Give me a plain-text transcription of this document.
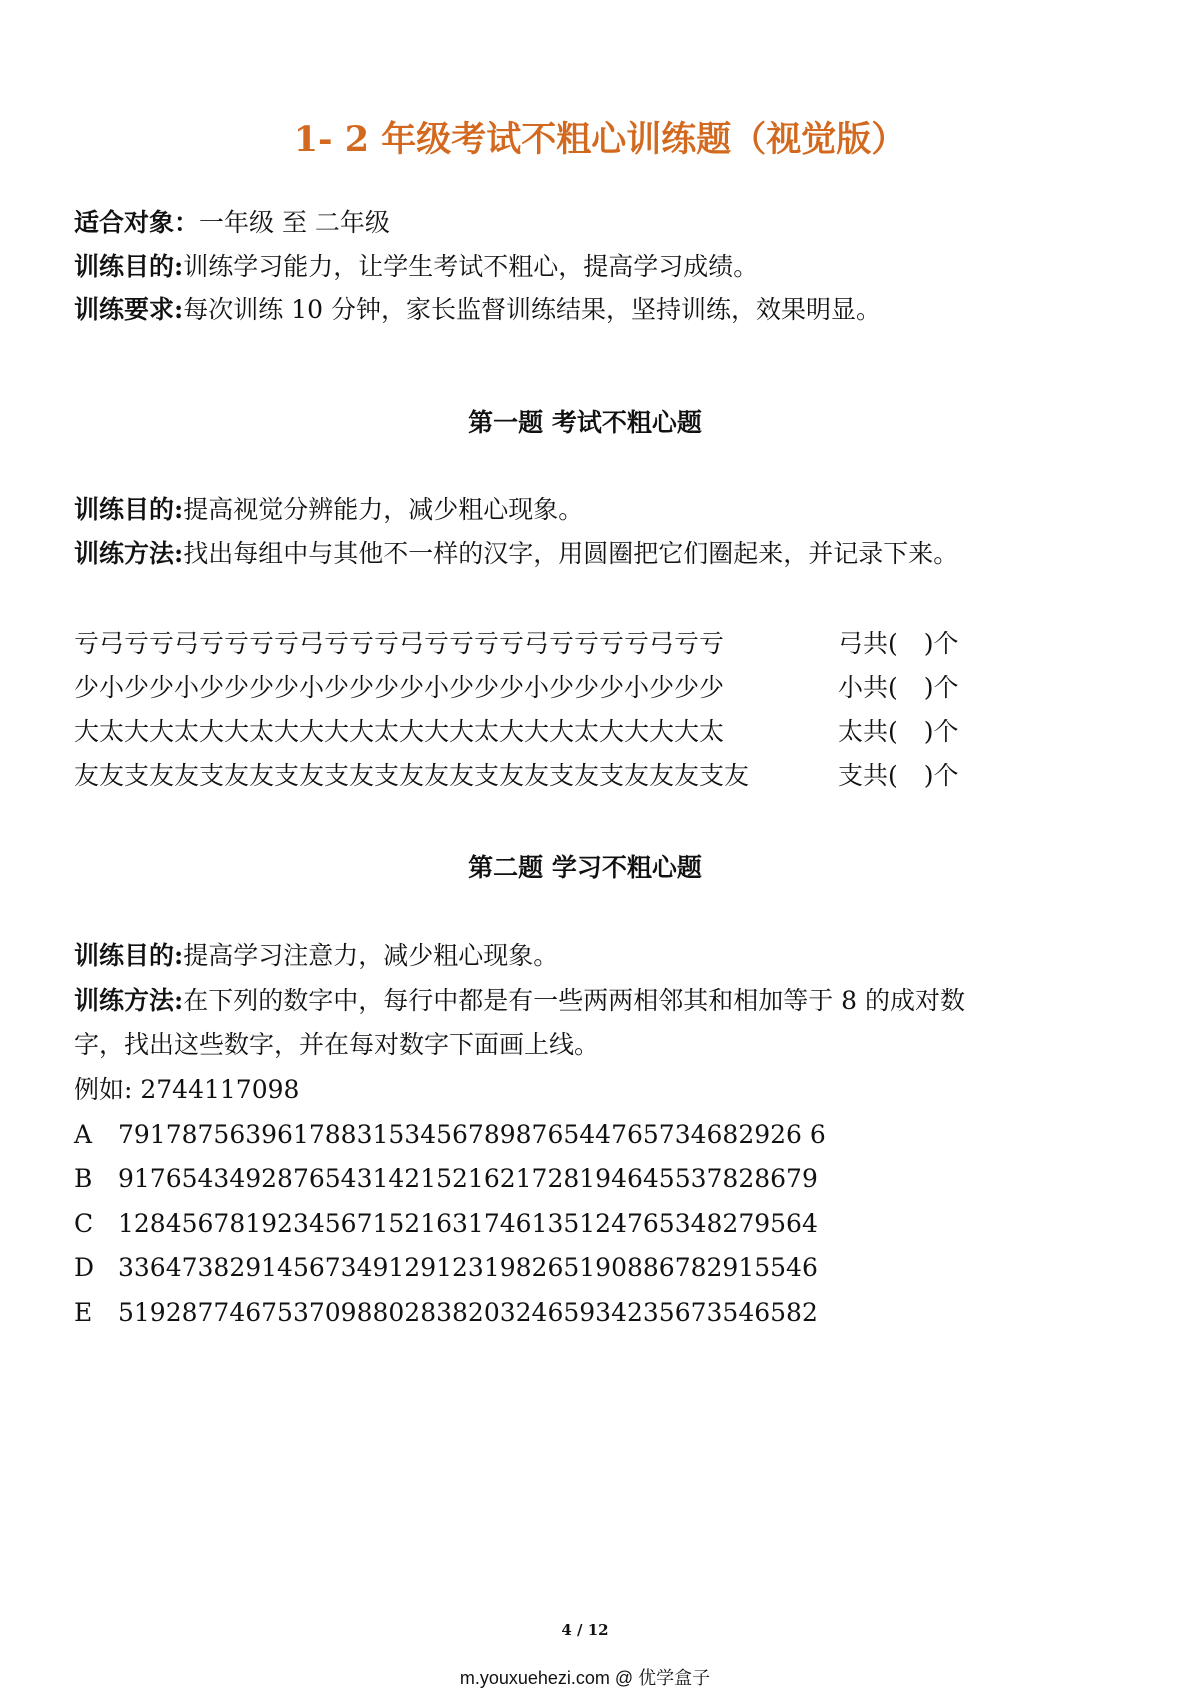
1- 2 年级考试不粗心训练题（视觉版）
适合对象：一年级 至 二年级
训练目的:训练学习能力，让学生考试不粗心，提高学习成绩。
训练要求:每次训练 10 分钟，家长监督训练结果，坚持训练，效果明显。
第一题 考试不粗心题
训练目的:提高视觉分辨能力，减少粗心现象。
训练方法:找出每组中与其他不一样的汉字，用圆圈把它们圈起来，并记录下来。
亏弓亏亏弓亏亏亏亏弓亏亏亏弓亏亏亏亏弓亏亏亏亏弓亏亏	弓共( )个
少小少少小少少少少小少少少少小少少少小少少少小少少少	小共( )个
大太大大太大大太大大大大太大大大太大大大太大大大大太	太共( )个
友友支友友支友友支友支友支友友友支友友支友支友友友支友	支共( )个
第二题 学习不粗心题
训练目的:提高学习注意力，减少粗心现象。
训练方法:在下列的数字中，每行中都是有一些两两相邻其和相加等于 8 的成对数
字，找出这些数字，并在每对数字下面画上线。
例如: 2744117098
A 7917875639617883153456789876544765734682926 6
B 91765434928765431421521621728194645537828679
C 12845678192345671521631746135124765348279564
D 33647382914567349129123198265190886782915546
E 51928774675370988028382032465934235673546582
4 / 12
m.youxuehezi.com @ 优学盒子
